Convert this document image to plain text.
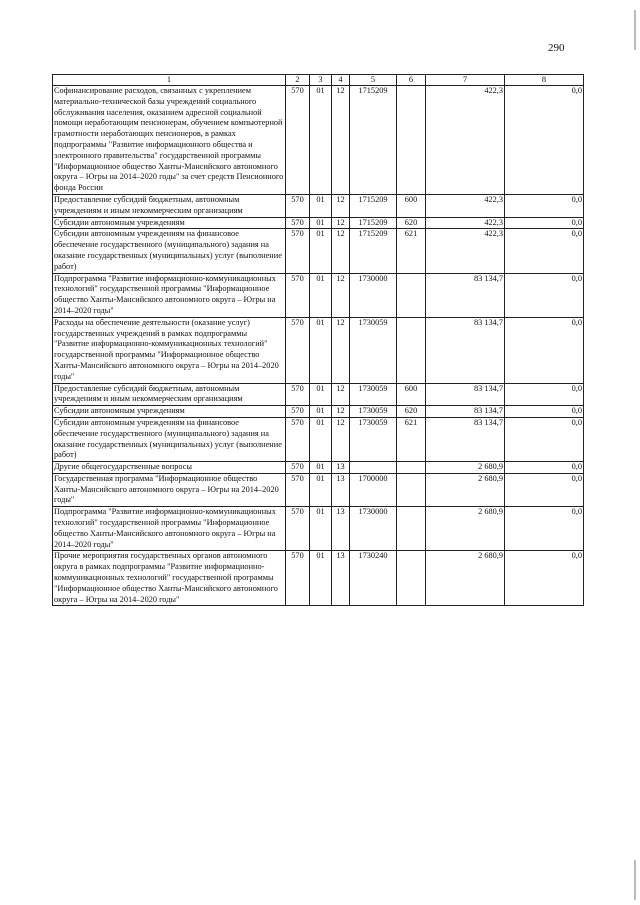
290
1	2	3	4	5	6	7	8
Софинансирование расходов, связанных с укреплением материально-технической базы учреждений социального обслуживания населения, оказанием адресной социальной помощи неработающим пенсионерам, обучением компьютерной грамотности неработающих пенсионеров, в рамках подпрограммы "Развитие информационного общества и электронного правительства" государственной программы "Информационное общество Ханты-Мансийского автономного округа – Югры на 2014–2020 годы" за счет средств Пенсионного фонда России	570	01	12	1715209		422,3	0,0
Предоставление субсидий бюджетным, автономным учреждениям и иным некоммерческим организациям	570	01	12	1715209	600	422,3	0,0
Субсидии автономным учреждениям	570	01	12	1715209	620	422,3	0,0
Субсидии автономным учреждениям на финансовое обеспечение государственного (муниципального) задания на оказание государственных (муниципальных) услуг (выполнение работ)	570	01	12	1715209	621	422,3	0,0
Подпрограмма "Развитие информационно-коммуникационных технологий" государственной программы "Информационное общество Ханты-Мансийского автономного округа – Югры на 2014–2020 годы"	570	01	12	1730000		83 134,7	0,0
Расходы на обеспечение деятельности (оказание услуг) государственных учреждений в рамках подпрограммы "Развитие информационно-коммуникационных технологий" государственной программы "Информационное общество Ханты-Мансийского автономного округа – Югры на 2014–2020 годы"	570	01	12	1730059		83 134,7	0,0
Предоставление субсидий бюджетным, автономным учреждениям и иным некоммерческим организациям	570	01	12	1730059	600	83 134,7	0,0
Субсидии автономным учреждениям	570	01	12	1730059	620	83 134,7	0,0
Субсидии автономным учреждениям на финансовое обеспечение государственного (муниципального) задания на оказание государственных (муниципальных) услуг (выполнение работ)	570	01	12	1730059	621	83 134,7	0,0
Другие общегосударственные вопросы	570	01	13			2 680,9	0,0
Государственная программа "Информационное общество Ханты-Мансийского автономного округа – Югры на 2014–2020 годы"	570	01	13	1700000		2 680,9	0,0
Подпрограмма "Развитие информационно-коммуникационных технологий" государственной программы "Информационное общество Ханты-Мансийского автономного округа – Югры на 2014–2020 годы"	570	01	13	1730000		2 680,9	0,0
Прочие мероприятия государственных органов автономного округа в рамках подпрограммы "Развитие информационно-коммуникационных технологий" государственной программы "Информационное общество Ханты-Мансийского автономного округа – Югры на 2014–2020 годы"	570	01	13	1730240		2 680,9	0,0
